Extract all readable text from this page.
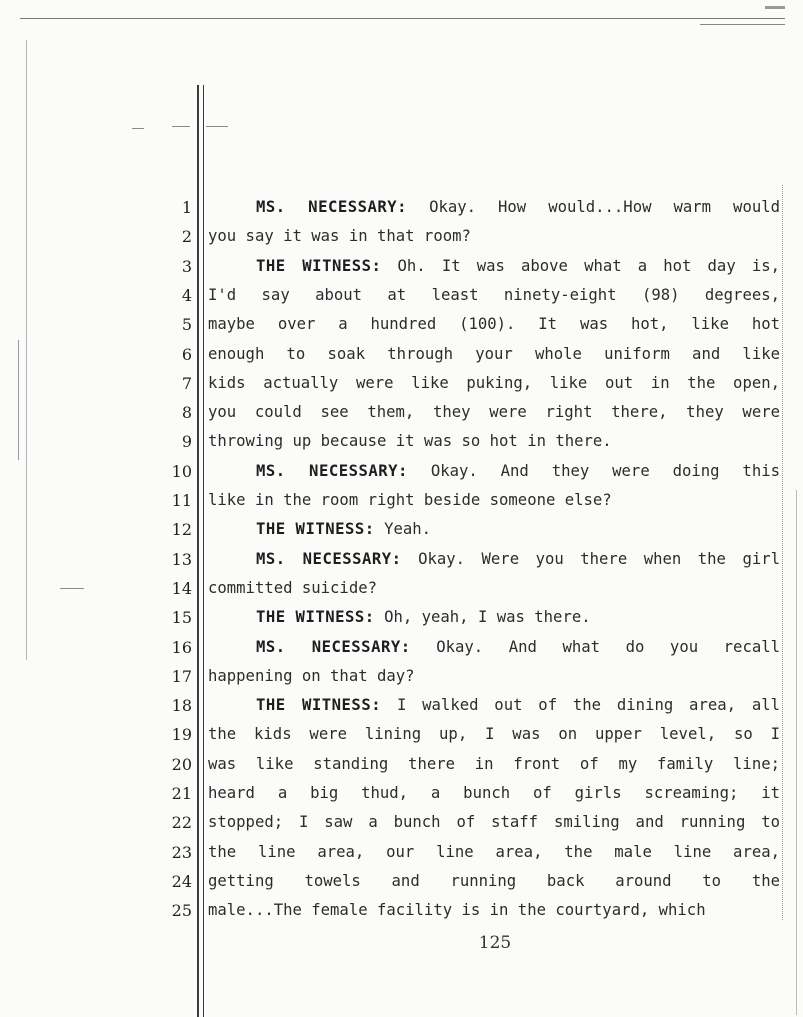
1	MS. NECESSARY: Okay. How would...How warm would
2 you say it was in that room?
3	THE WITNESS: Oh. It was above what a hot day is,
4 I'd say about at least ninety-eight (98) degrees,
5 maybe over a hundred (100). It was hot, like hot
6 enough to soak through your whole uniform and like
7 kids actually were like puking, like out in the open,
8 you could see them, they were right there, they were
9 throwing up because it was so hot in there.
10	MS. NECESSARY: Okay. And they were doing this
11 like in the room right beside someone else?
12	THE WITNESS: Yeah.
13	MS. NECESSARY: Okay. Were you there when the girl
14 committed suicide?
15	THE WITNESS: Oh, yeah, I was there.
16	MS. NECESSARY: Okay. And what do you recall
17 happening on that day?
18	THE WITNESS: I walked out of the dining area, all
19 the kids were lining up, I was on upper level, so I
20 was like standing there in front of my family line;
21 heard a big thud, a bunch of girls screaming; it
22 stopped; I saw a bunch of staff smiling and running to
23 the line area, our line area, the male line area,
24 getting towels and running back around to the
25 male...The female facility is in the courtyard, which
125
